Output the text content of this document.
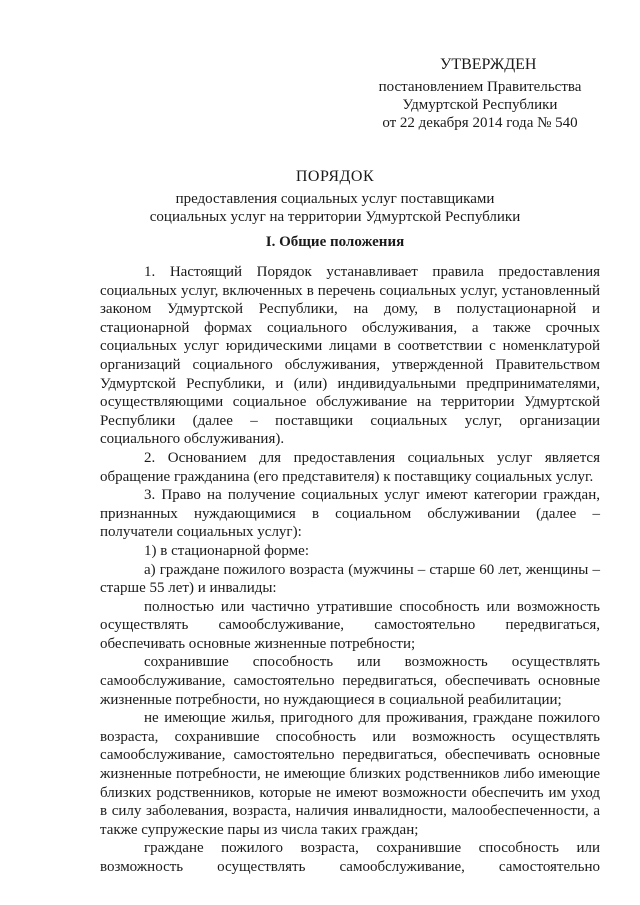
УТВЕРЖДЕН
постановлением Правительства
Удмуртской Республики
от 22 декабря 2014 года № 540
ПОРЯДОК
предоставления социальных услуг поставщиками
социальных услуг на территории Удмуртской Республики
I. Общие положения

1. Настоящий Порядок устанавливает правила предоставления социальных услуг, включенных в перечень социальных услуг, установленный законом Удмуртской Республики, на дому, в полустационарной и стационарной формах социального обслуживания, а также срочных социальных услуг юридическими лицами в соответствии с номенклатурой организаций социального обслуживания, утвержденной Правительством Удмуртской Республики, и (или) индивидуальными предпринимателями, осуществляющими социальное обслуживание на территории Удмуртской Республики (далее – поставщики социальных услуг, организации социального обслуживания).

2. Основанием для предоставления социальных услуг является обращение гражданина (его представителя) к поставщику социальных услуг.

3. Право на получение социальных услуг имеют категории граждан, признанных нуждающимися в социальном обслуживании (далее – получатели социальных услуг):

1) в стационарной форме:

а) граждане пожилого возраста (мужчины – старше 60 лет, женщины – старше 55 лет) и инвалиды:

полностью или частично утратившие способность или возможность осуществлять самообслуживание, самостоятельно передвигаться, обеспечивать основные жизненные потребности;

сохранившие способность или возможность осуществлять самообслуживание, самостоятельно передвигаться, обеспечивать основные жизненные потребности, но нуждающиеся в социальной реабилитации;

не имеющие жилья, пригодного для проживания, граждане пожилого возраста, сохранившие способность или возможность осуществлять самообслуживание, самостоятельно передвигаться, обеспечивать основные жизненные потребности, не имеющие близких родственников либо имеющие близких родственников, которые не имеют возможности обеспечить им уход в силу заболевания, возраста, наличия инвалидности, малообеспеченности, а также супружеские пары из числа таких граждан;

граждане пожилого возраста, сохранившие способность или возможность осуществлять самообслуживание, самостоятельно
